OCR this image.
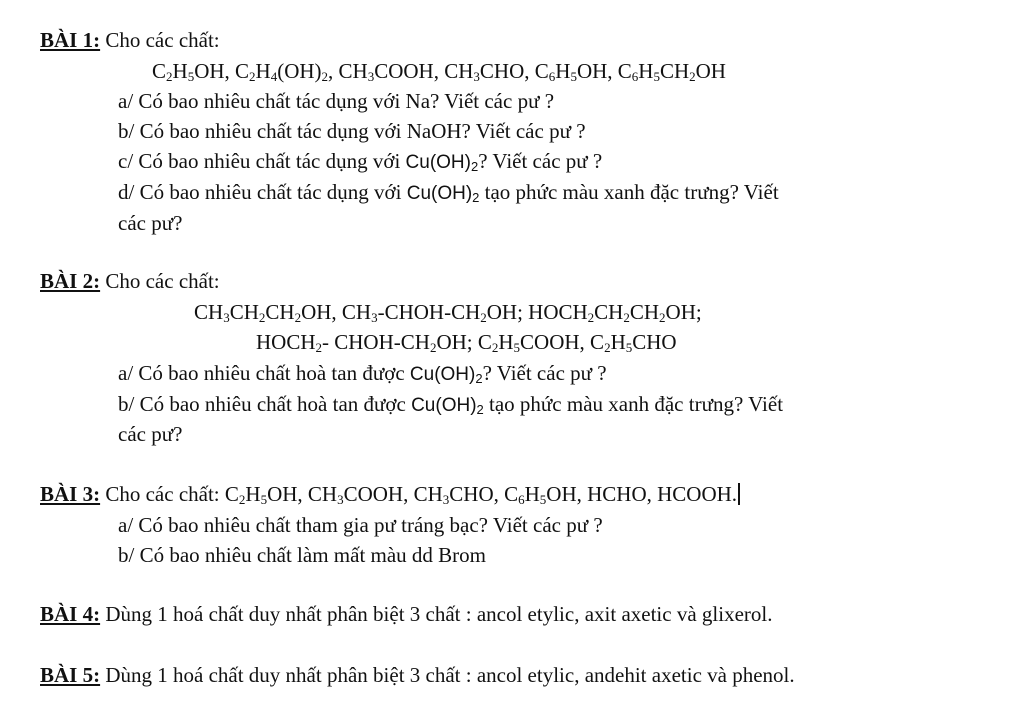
BÀI 1: Cho các chất:
$C_2H_5OH$, $C_2H_4(OH)_2$, $CH_3COOH$, $CH_3CHO$, $C_6H_5OH$, $C_6H_5CH_2OH$
a/ Có bao nhiêu chất tác dụng với Na? Viết các pư ?
b/ Có bao nhiêu chất tác dụng với NaOH? Viết các pư ?
c/ Có bao nhiêu chất tác dụng với $Cu(OH)_2$? Viết các pư ?
d/ Có bao nhiêu chất tác dụng với $Cu(OH)_2$ tạo phức màu xanh đặc trưng? Viết
các pư?
BÀI 2: Cho các chất:
$CH_3CH_2CH_2OH$, $CH_3-CHOH-CH_2OH$; $HOCH_2CH_2CH_2OH$;
$HOCH_2-$ CHOH-$CH_2OH$; $C_2H_5COOH$, $C_2H_5CHO$
a/ Có bao nhiêu chất hoà tan được $Cu(OH)_2$? Viết các pư ?
b/ Có bao nhiêu chất hoà tan được $Cu(OH)_2$ tạo phức màu xanh đặc trưng? Viết
các pư?
BÀI 3: Cho các chất: $C_2H_5OH$, $CH_3COOH$, $CH_3CHO$, $C_6H_5OH$, HCHO, HCOOH.
a/ Có bao nhiêu chất tham gia pư tráng bạc? Viết các pư ?
b/ Có bao nhiêu chất làm mất màu dd Brom
BÀI 4: Dùng 1 hoá chất duy nhất phân biệt 3 chất : ancol etylic, axit axetic và glixerol.
BÀI 5: Dùng 1 hoá chất duy nhất phân biệt 3 chất : ancol etylic, andehit axetic và phenol.
